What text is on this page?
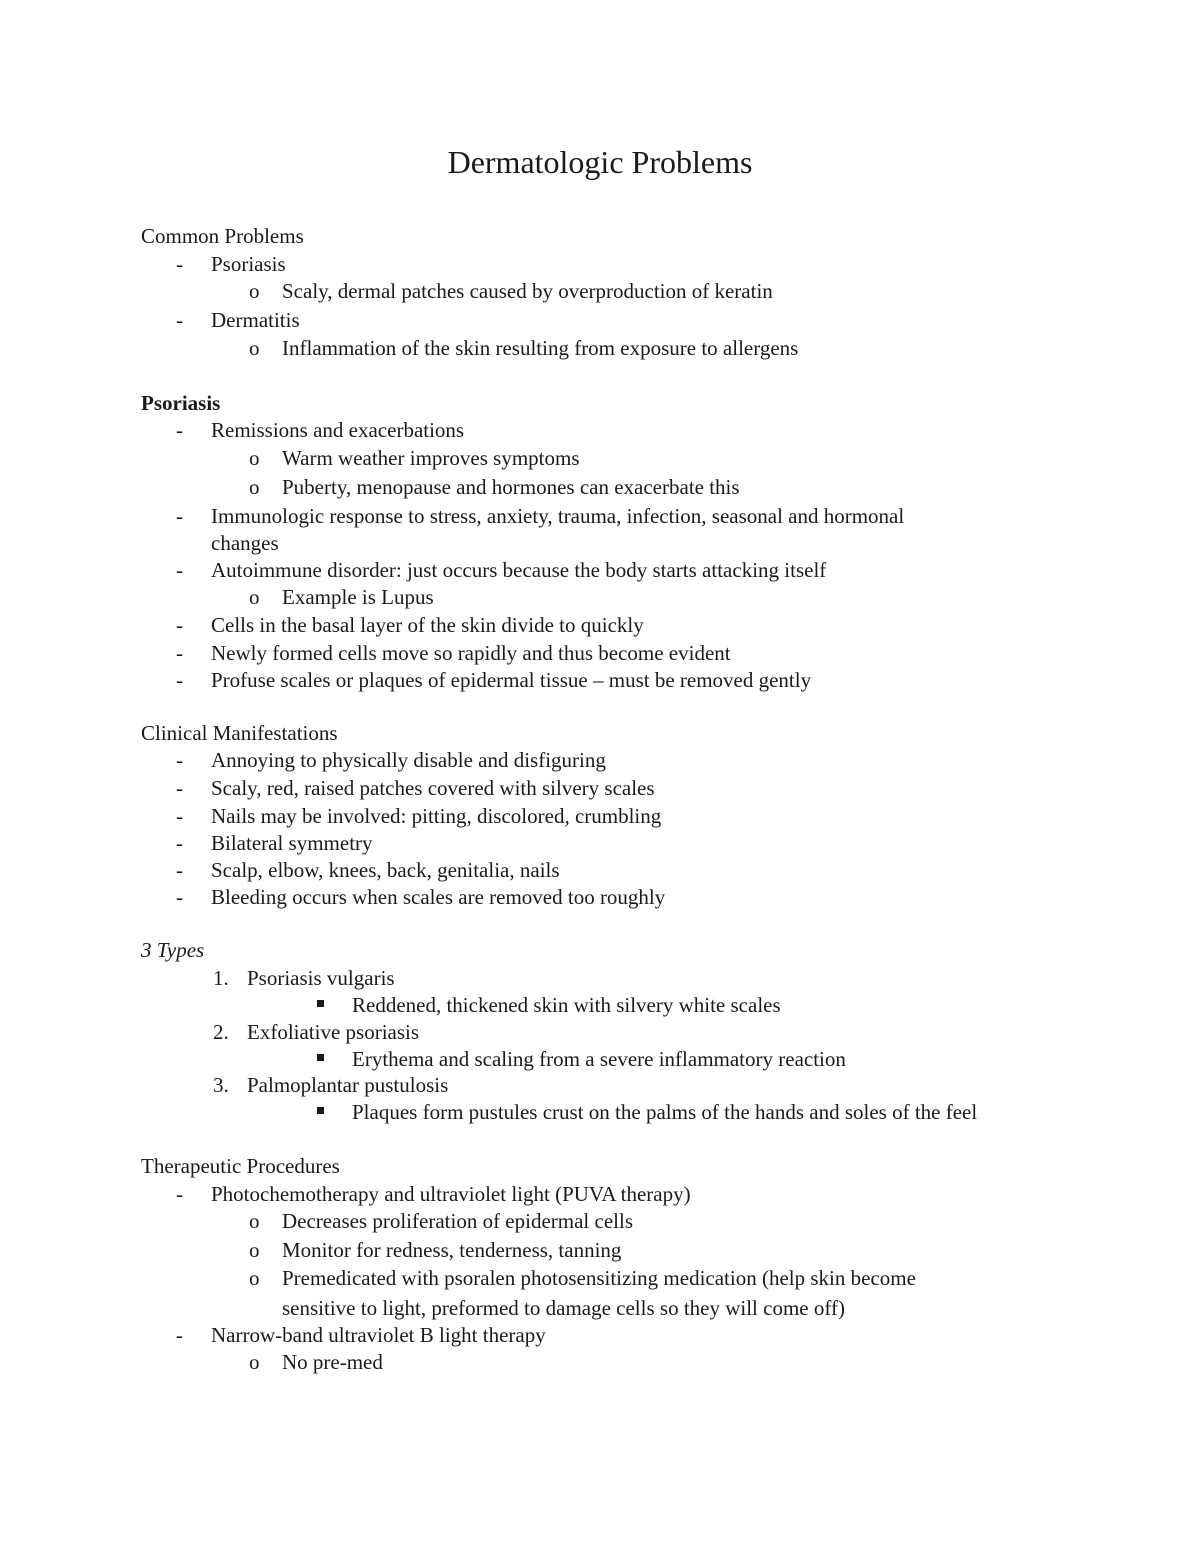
Dermatologic Problems
Common Problems
- Psoriasis
o Scaly, dermal patches caused by overproduction of keratin
- Dermatitis
o Inflammation of the skin resulting from exposure to allergens
Psoriasis
- Remissions and exacerbations
o Warm weather improves symptoms
o Puberty, menopause and hormones can exacerbate this
- Immunologic response to stress, anxiety, trauma, infection, seasonal and hormonal
changes
- Autoimmune disorder: just occurs because the body starts attacking itself
o Example is Lupus
- Cells in the basal layer of the skin divide to quickly
- Newly formed cells move so rapidly and thus become evident
- Profuse scales or plaques of epidermal tissue – must be removed gently
Clinical Manifestations
- Annoying to physically disable and disfiguring
- Scaly, red, raised patches covered with silvery scales
- Nails may be involved: pitting, discolored, crumbling
- Bilateral symmetry
- Scalp, elbow, knees, back, genitalia, nails
- Bleeding occurs when scales are removed too roughly
3 Types
1. Psoriasis vulgaris
Reddened, thickened skin with silvery white scales
2. Exfoliative psoriasis
Erythema and scaling from a severe inflammatory reaction
3. Palmoplantar pustulosis
Plaques form pustules crust on the palms of the hands and soles of the feel
Therapeutic Procedures
- Photochemotherapy and ultraviolet light (PUVA therapy)
o Decreases proliferation of epidermal cells
o Monitor for redness, tenderness, tanning
o Premedicated with psoralen photosensitizing medication (help skin become
sensitive to light, preformed to damage cells so they will come off)
- Narrow-band ultraviolet B light therapy
o No pre-med
